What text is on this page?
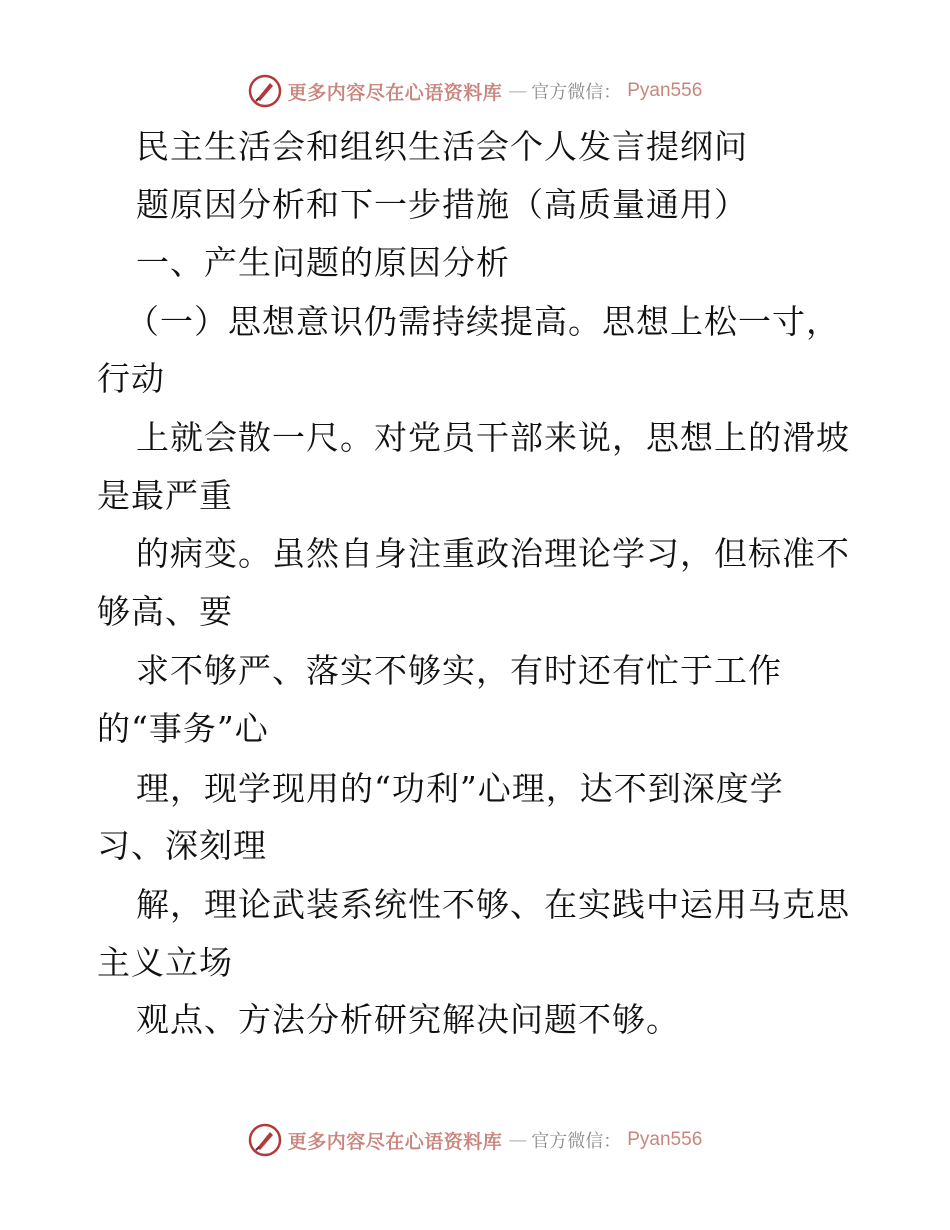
更多内容尽在心语资料库 — 官方微信： Pyan556
民主生活会和组织生活会个人发言提纲问
题原因分析和下一步措施（高质量通用）
一、产生问题的原因分析
（一）思想意识仍需持续提高。思想上松一寸，
行动
上就会散一尺。对党员干部来说，思想上的滑坡
是最严重
的病变。虽然自身注重政治理论学习，但标准不
够高、要
求不够严、落实不够实，有时还有忙于工作
的“事务”心
理，现学现用的“功利”心理，达不到深度学
习、深刻理
解，理论武装系统性不够、在实践中运用马克思
主义立场
观点、方法分析研究解决问题不够。
更多内容尽在心语资料库 — 官方微信： Pyan556
